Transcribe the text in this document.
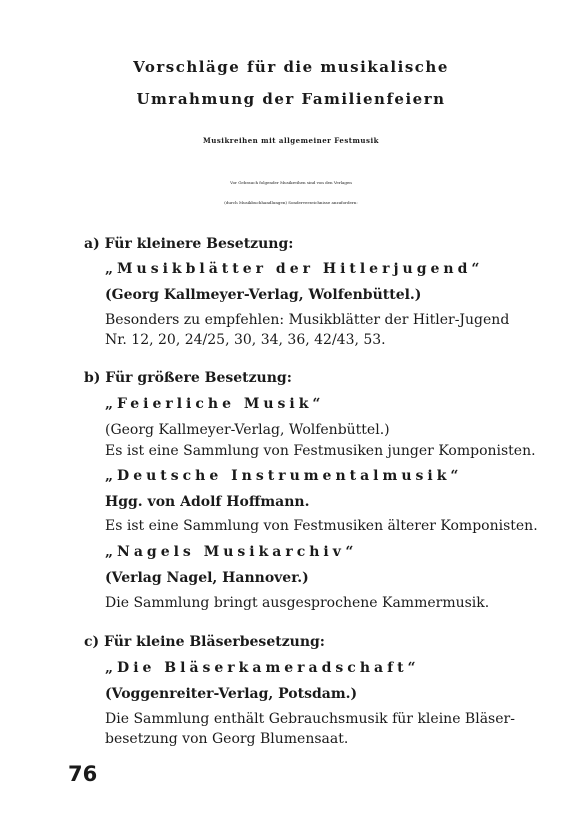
Vorschläge für die musikalische
Umrahmung der Familienfeiern
Musikreihen mit allgemeiner Festmusik
Vor Gebrauch folgender Musikreihen sind von den Verlagen
(durch Musikbuchhandlungen) Sonderverzeichnisse anzufordern:
a) Für kleinere Besetzung:
„Musikblätter der Hitlerjugend“
(Georg Kallmeyer-Verlag, Wolfenbüttel.)
Besonders zu empfehlen: Musikblätter der Hitler-Jugend
Nr. 12, 20, 24/25, 30, 34, 36, 42/43, 53.
b) Für größere Besetzung:
„Feierliche Musik“
(Georg Kallmeyer-Verlag, Wolfenbüttel.)
Es ist eine Sammlung von Festmusiken junger Komponisten.
„Deutsche Instrumentalmusik“
Hgg. von Adolf Hoffmann.
Es ist eine Sammlung von Festmusiken älterer Komponisten.
„Nagels Musikarchiv“
(Verlag Nagel, Hannover.)
Die Sammlung bringt ausgesprochene Kammermusik.
c) Für kleine Bläserbesetzung:
„Die Bläserkameradschaft“
(Voggenreiter-Verlag, Potsdam.)
Die Sammlung enthält Gebrauchsmusik für kleine Bläser-
besetzung von Georg Blumensaat.
76
